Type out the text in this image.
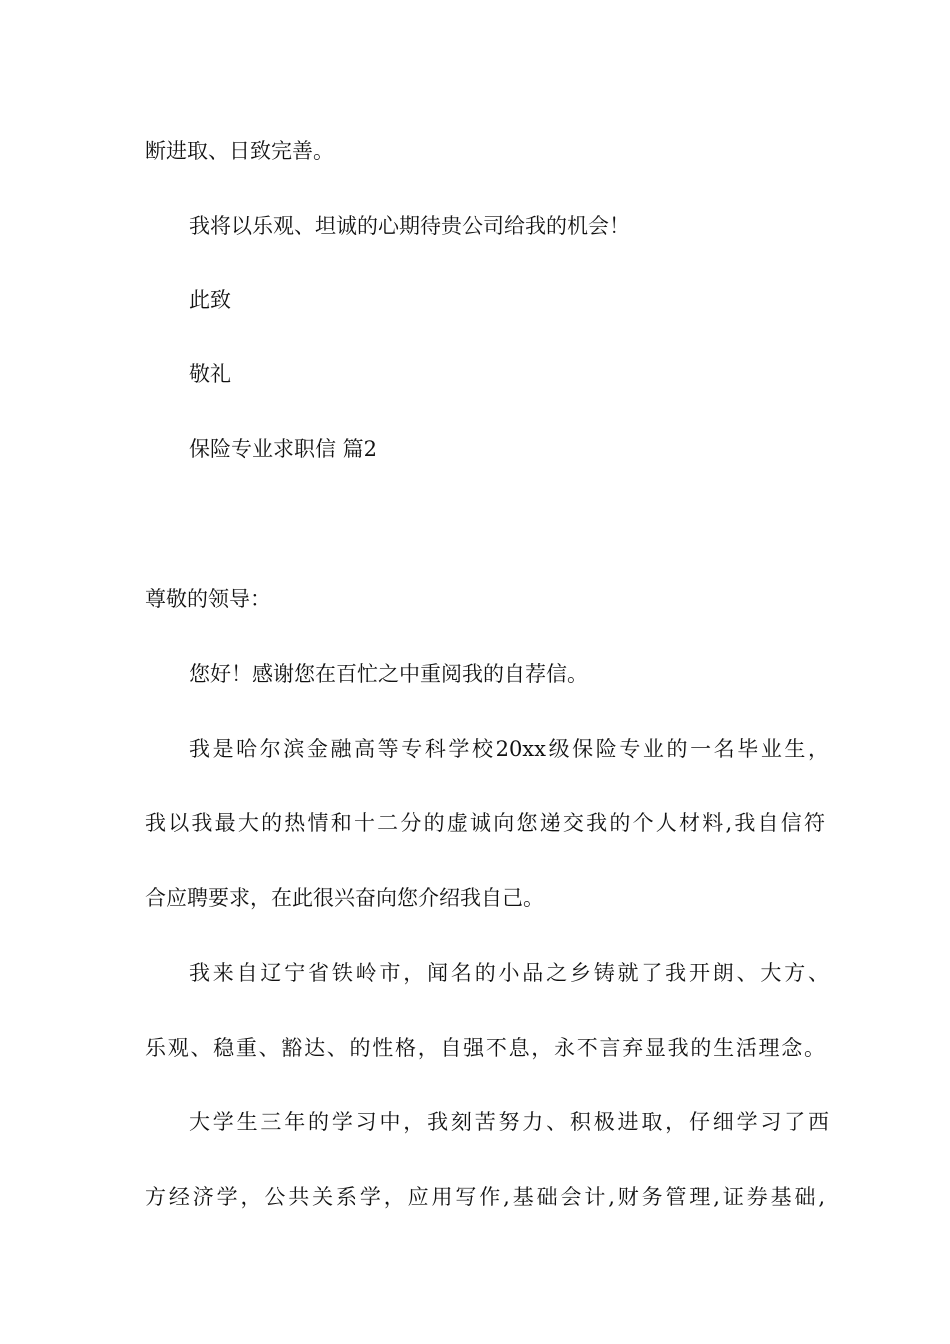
断进取、日致完善。

我将以乐观、坦诚的心期待贵公司给我的机会！

此致

敬礼

保险专业求职信 篇2

尊敬的领导：

您好！感谢您在百忙之中重阅我的自荐信。

我是哈尔滨金融高等专科学校20xx级保险专业的一名毕业生，

我以我最大的热情和十二分的虚诚向您递交我的个人材料,我自信符

合应聘要求，在此很兴奋向您介绍我自己。

我来自辽宁省铁岭市，闻名的小品之乡铸就了我开朗、大方、

乐观、稳重、豁达、的性格，自强不息，永不言弃显我的生活理念。

大学生三年的学习中，我刻苦努力、积极进取，仔细学习了西

方经济学，公共关系学，应用写作,基础会计,财务管理,证券基础,
